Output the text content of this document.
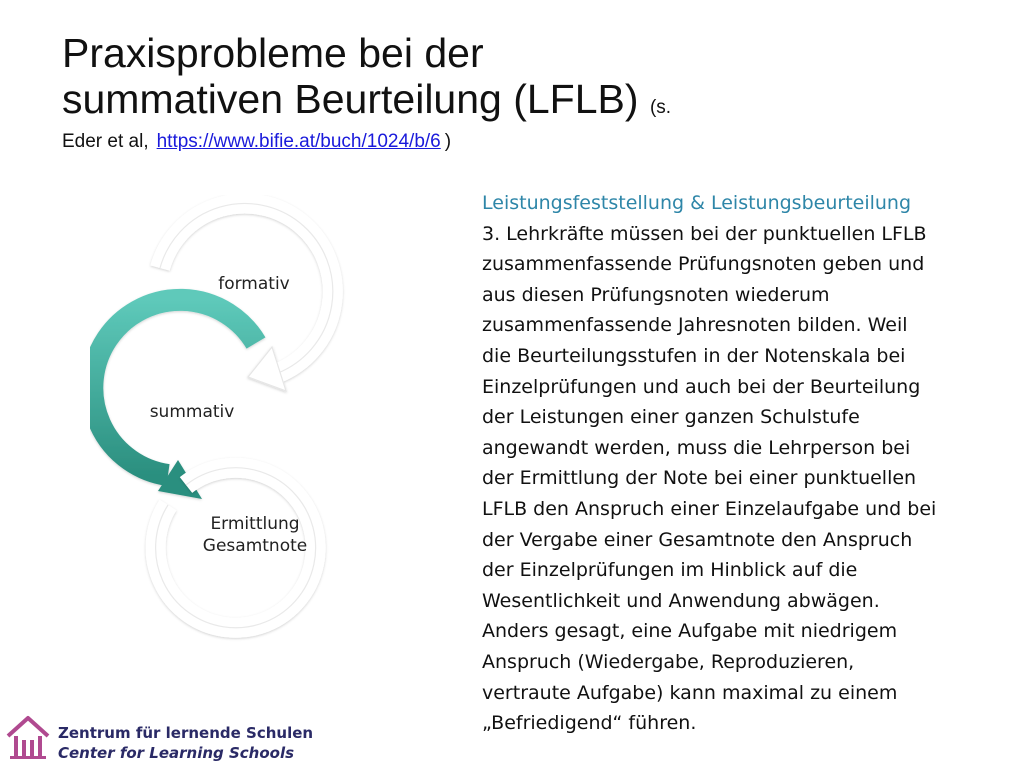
Praxisprobleme bei der
summativen Beurteilung (LFLB) (s.
Eder et al, https://www.bifie.at/buch/1024/b/6 )
formativ
summativ
Ermittlung
Gesamtnote
Leistungsfeststellung & Leistungsbeurteilung
3. Lehrkräfte müssen bei der punktuellen LFLB
zusammenfassende Prüfungsnoten geben und
aus diesen Prüfungsnoten wiederum
zusammenfassende Jahresnoten bilden. Weil
die Beurteilungsstufen in der Notenskala bei
Einzelprüfungen und auch bei der Beurteilung
der Leistungen einer ganzen Schulstufe
angewandt werden, muss die Lehrperson bei
der Ermittlung der Note bei einer punktuellen
LFLB den Anspruch einer Einzelaufgabe und bei
der Vergabe einer Gesamtnote den Anspruch
der Einzelprüfungen im Hinblick auf die
Wesentlichkeit und Anwendung abwägen.
Anders gesagt, eine Aufgabe mit niedrigem
Anspruch (Wiedergabe, Reproduzieren,
vertraute Aufgabe) kann maximal zu einem
„Befriedigend“ führen.
Zentrum für lernende Schulen
Center for Learning Schools
